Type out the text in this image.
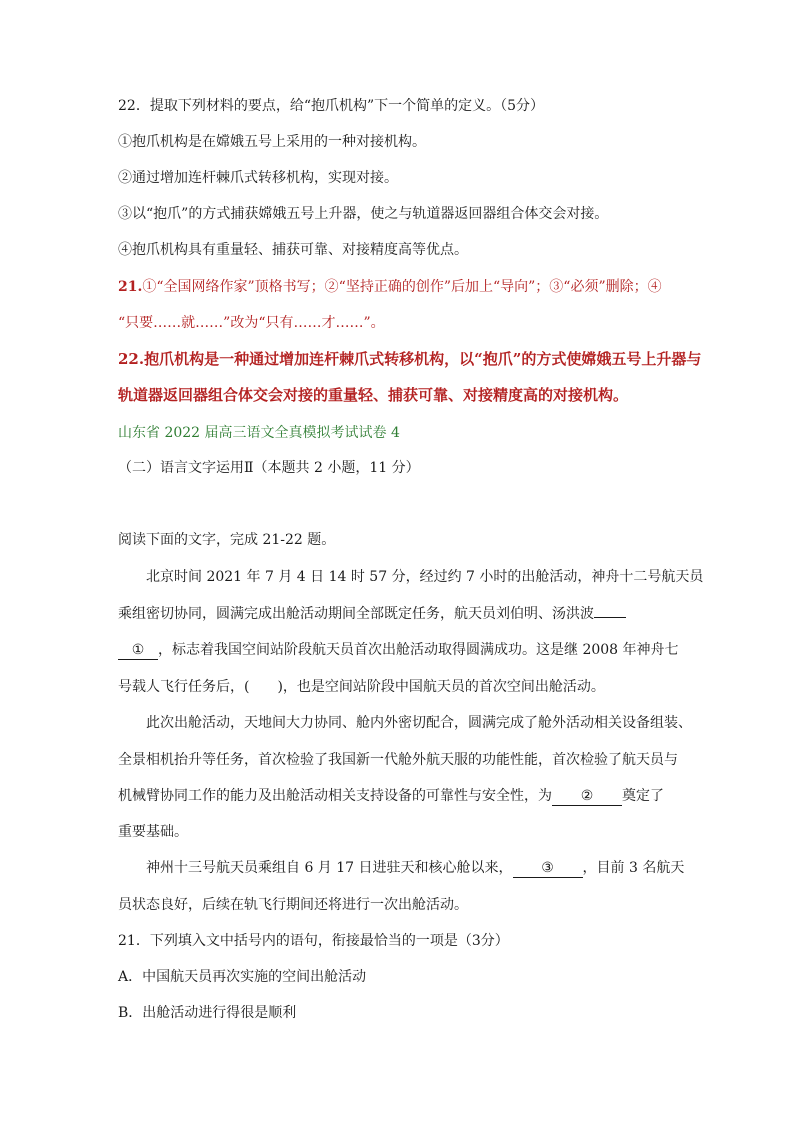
22．提取下列材料的要点，给“抱爪机构”下一个简单的定义。（5分）
①抱爪机构是在嫦娥五号上采用的一种对接机构。
②通过增加连杆棘爪式转移机构，实现对接。
③以“抱爪”的方式捕获嫦娥五号上升器，使之与轨道器返回器组合体交会对接。
④抱爪机构具有重量轻、捕获可靠、对接精度高等优点。
21.①“全国网络作家”顶格书写；②“坚持正确的创作”后加上“导向”；③“必须”删除；④
“只要……就……”改为“只有……才……”。
22.抱爪机构是一种通过增加连杆棘爪式转移机构，以“抱爪”的方式使嫦娥五号上升器与
轨道器返回器组合体交会对接的重量轻、捕获可靠、对接精度高的对接机构。
山东省 2022 届高三语文全真模拟考试试卷 4
（二）语言文字运用Ⅱ（本题共 2 小题，11 分）
阅读下面的文字，完成 21-22 题。
北京时间 2021 年 7 月 4 日 14 时 57 分，经过约 7 小时的出舱活动，神舟十二号航天员
乘组密切协同，圆满完成出舱活动期间全部既定任务，航天员刘伯明、汤洪波
① ，标志着我国空间站阶段航天员首次出舱活动取得圆满成功。这是继 2008 年神舟七
号载人飞行任务后，(　　)，也是空间站阶段中国航天员的首次空间出舱活动。
此次出舱活动，天地间大力协同、舱内外密切配合，圆满完成了舱外活动相关设备组装、
全景相机抬升等任务，首次检验了我国新一代舱外航天服的功能性能，首次检验了航天员与
机械臂协同工作的能力及出舱活动相关支持设备的可靠性与安全性，为 ② 奠定了
重要基础。
神州十三号航天员乘组自 6 月 17 日进驻天和核心舱以来， ③ ，目前 3 名航天
员状态良好，后续在轨飞行期间还将进行一次出舱活动。
21．下列填入文中括号内的语句，衔接最恰当的一项是（3分）
A．中国航天员再次实施的空间出舱活动
B．出舱活动进行得很是顺利
